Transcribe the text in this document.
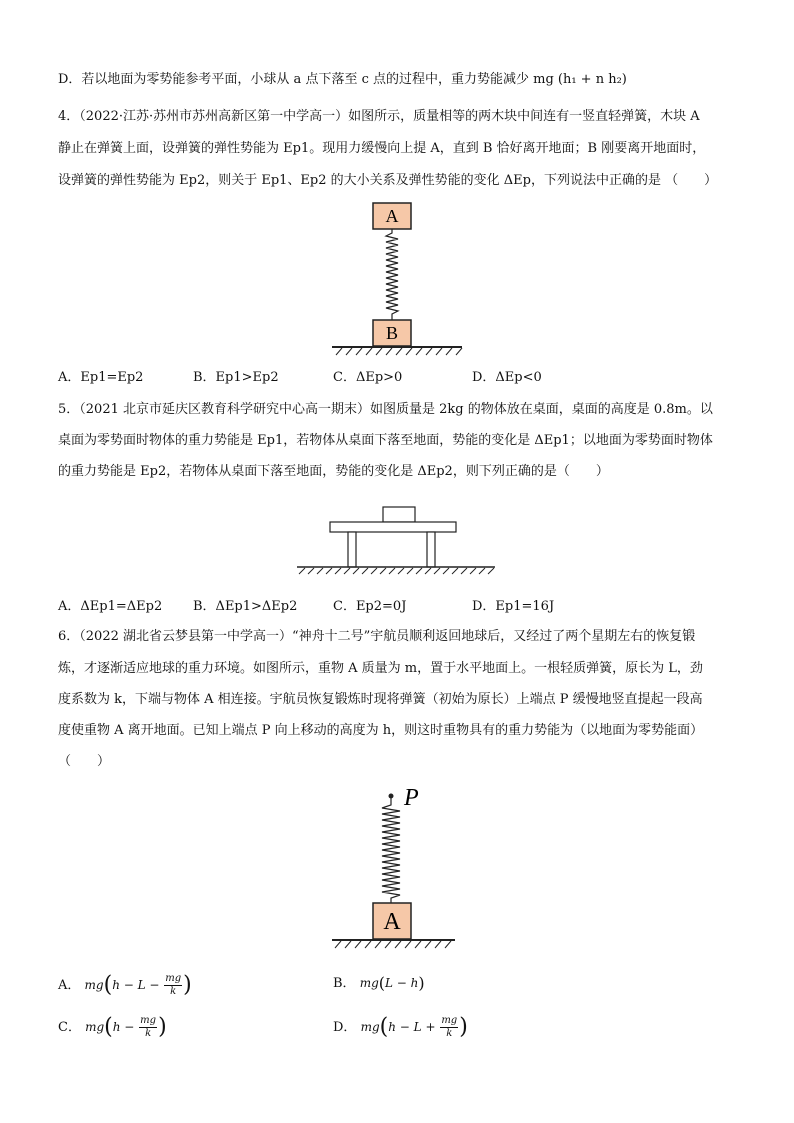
D．若以地面为零势能参考平面，小球从 a 点下落至 c 点的过程中，重力势能减少 mg (h₁ + n h₂)
4．（2022·江苏·苏州市苏州高新区第一中学高一）如图所示，质量相等的两木块中间连有一竖直轻弹簧，木块 A
静止在弹簧上面，设弹簧的弹性势能为 Ep1。现用力缓慢向上提 A，直到 B 恰好离开地面；B 刚要离开地面时，
设弹簧的弹性势能为 Ep2，则关于 Ep1、Ep2 的大小关系及弹性势能的变化 ΔEp，下列说法中正确的是 （　　）
A
B
A．Ep1=Ep2	B．Ep1>Ep2	C．ΔEp>0	D．ΔEp<0
5．（2021 北京市延庆区教育科学研究中心高一期末）如图质量是 2kg 的物体放在桌面，桌面的高度是 0.8m。以
桌面为零势面时物体的重力势能是 Ep1，若物体从桌面下落至地面，势能的变化是 ΔEp1；以地面为零势面时物体
的重力势能是 Ep2，若物体从桌面下落至地面，势能的变化是 ΔEp2，则下列正确的是（　　）
A．ΔEp1=ΔEp2 B．ΔEp1>ΔEp2	C．Ep2=0J	D．Ep1=16J
6．（2022 湖北省云梦县第一中学高一）“神舟十二号”宇航员顺利返回地球后，又经过了两个星期左右的恢复锻
炼，才逐渐适应地球的重力环境。如图所示，重物 A 质量为 m，置于水平地面上。一根轻质弹簧，原长为 L，劲
度系数为 k，下端与物体 A 相连接。宇航员恢复锻炼时现将弹簧（初始为原长）上端点 P 缓慢地竖直提起一段高
度使重物 A 离开地面。已知上端点 P 向上移动的高度为 h，则这时重物具有的重力势能为（以地面为零势能面）
（　　）
P
A
A． $mg(h - L - \frac{mg}{k}$ )	B． mg(L − h)
C． $mg(h - \frac{mg}{k}$ )	D． $mg(h - L + \frac{mg}{k}$ )
